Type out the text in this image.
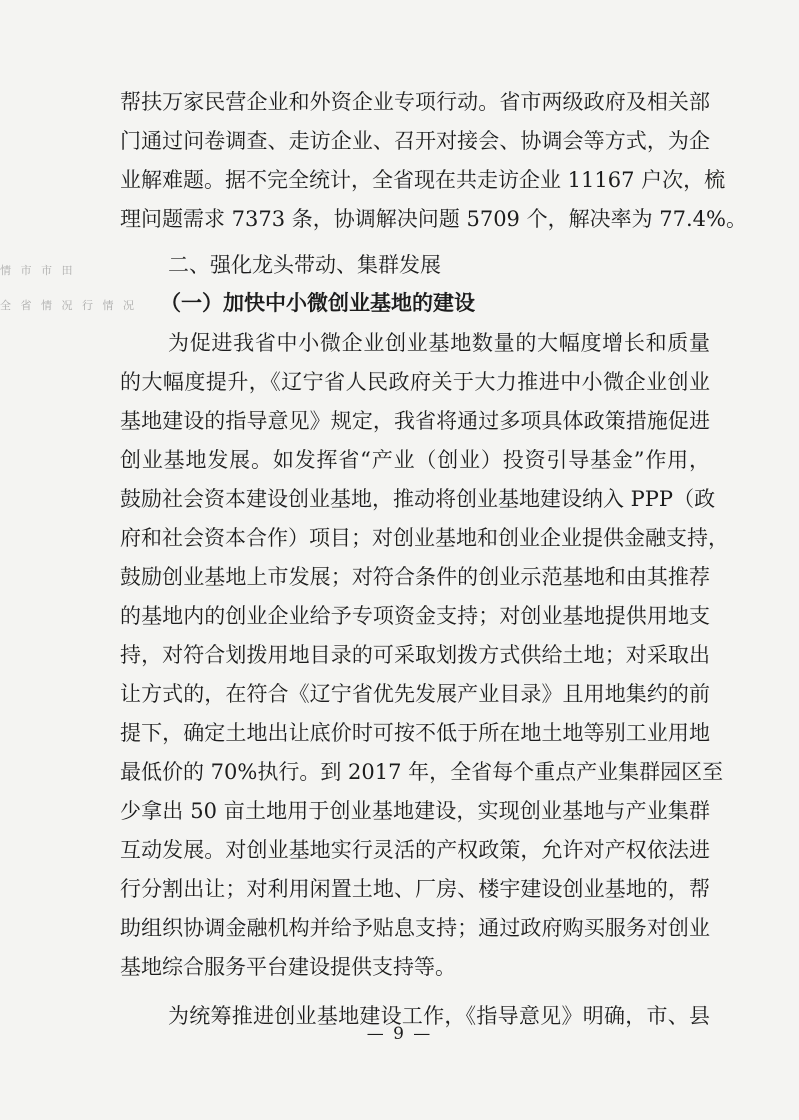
情 市 市 田
全 省 情 况 行 情 况
帮扶万家民营企业和外资企业专项行动。省市两级政府及相关部
门通过问卷调查、走访企业、召开对接会、协调会等方式，为企
业解难题。据不完全统计，全省现在共走访企业 11167 户次，梳
理问题需求 7373 条，协调解决问题 5709 个，解决率为 77.4%。
二、强化龙头带动、集群发展
（一）加快中小微创业基地的建设
为促进我省中小微企业创业基地数量的大幅度增长和质量
的大幅度提升，《辽宁省人民政府关于大力推进中小微企业创业
基地建设的指导意见》规定，我省将通过多项具体政策措施促进
创业基地发展。如发挥省“产业（创业）投资引导基金”作用，
鼓励社会资本建设创业基地，推动将创业基地建设纳入 PPP（政
府和社会资本合作）项目；对创业基地和创业企业提供金融支持，
鼓励创业基地上市发展；对符合条件的创业示范基地和由其推荐
的基地内的创业企业给予专项资金支持；对创业基地提供用地支
持，对符合划拨用地目录的可采取划拨方式供给土地；对采取出
让方式的，在符合《辽宁省优先发展产业目录》且用地集约的前
提下，确定土地出让底价时可按不低于所在地土地等别工业用地
最低价的 70%执行。到 2017 年，全省每个重点产业集群园区至
少拿出 50 亩土地用于创业基地建设，实现创业基地与产业集群
互动发展。对创业基地实行灵活的产权政策，允许对产权依法进
行分割出让；对利用闲置土地、厂房、楼宇建设创业基地的，帮
助组织协调金融机构并给予贴息支持；通过政府购买服务对创业
基地综合服务平台建设提供支持等。
为统筹推进创业基地建设工作，《指导意见》明确，市、县
— 9 —
